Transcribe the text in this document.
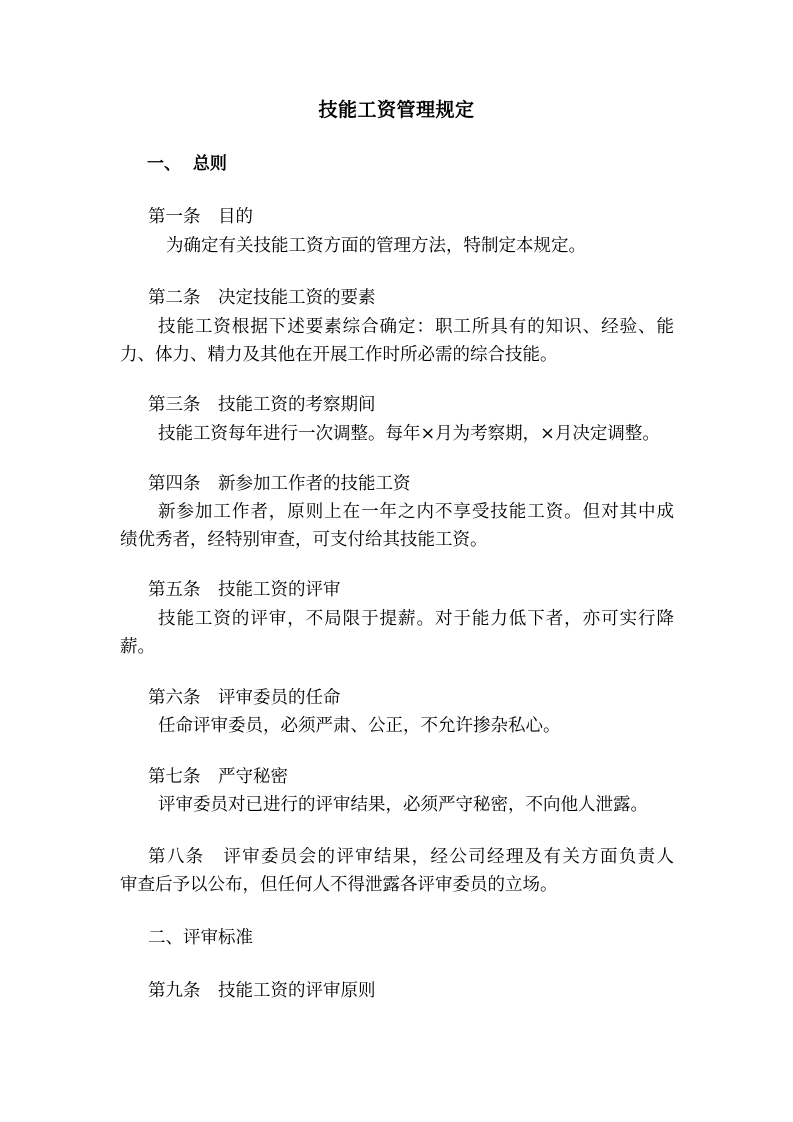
技能工资管理规定
一、  总则
第一条　目的
为确定有关技能工资方面的管理方法，特制定本规定。
第二条　决定技能工资的要素
技能工资根据下述要素综合确定：职工所具有的知识、经验、能
力、体力、精力及其他在开展工作时所必需的综合技能。
第三条　技能工资的考察期间
技能工资每年进行一次调整。每年×月为考察期，×月决定调整。
第四条　新参加工作者的技能工资
新参加工作者，原则上在一年之内不享受技能工资。但对其中成
绩优秀者，经特别审查，可支付给其技能工资。
第五条　技能工资的评审
技能工资的评审，不局限于提薪。对于能力低下者，亦可实行降
薪。
第六条　评审委员的任命
任命评审委员，必须严肃、公正，不允许掺杂私心。
第七条　严守秘密
评审委员对已进行的评审结果，必须严守秘密，不向他人泄露。
第八条　评审委员会的评审结果，经公司经理及有关方面负责人
审查后予以公布，但任何人不得泄露各评审委员的立场。
二、评审标准
第九条　技能工资的评审原则
